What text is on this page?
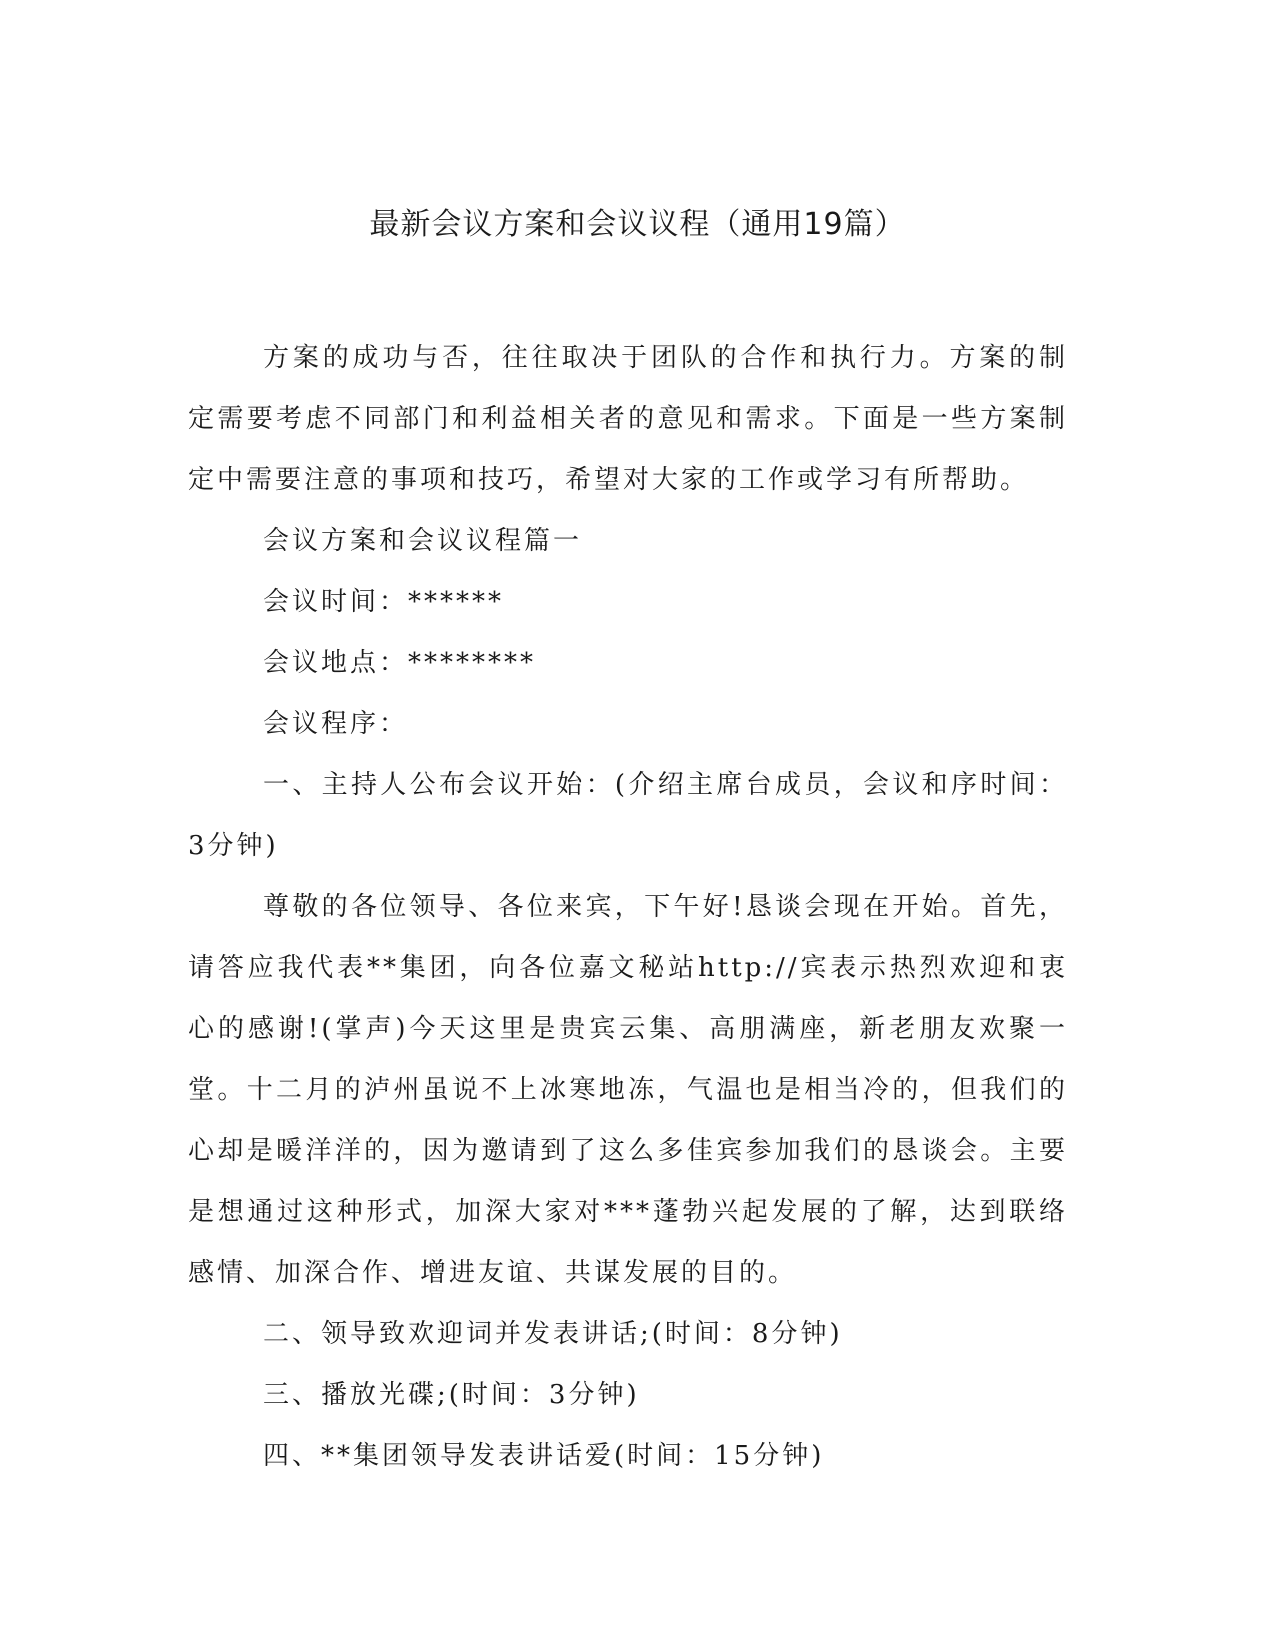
最新会议方案和会议议程（通用19篇）

方案的成功与否，往往取决于团队的合作和执行力。方案的制定需要考虑不同部门和利益相关者的意见和需求。下面是一些方案制定中需要注意的事项和技巧，希望对大家的工作或学习有所帮助。

会议方案和会议议程篇一

会议时间：******

会议地点：********

会议程序：

一、主持人公布会议开始：(介绍主席台成员，会议和序时间：3分钟)

尊敬的各位领导、各位来宾，下午好!恳谈会现在开始。首先，请答应我代表**集团，向各位嘉文秘站http://宾表示热烈欢迎和衷心的感谢!(掌声)今天这里是贵宾云集、高朋满座，新老朋友欢聚一堂。十二月的泸州虽说不上冰寒地冻，气温也是相当冷的，但我们的心却是暖洋洋的，因为邀请到了这么多佳宾参加我们的恳谈会。主要是想通过这种形式，加深大家对***蓬勃兴起发展的了解，达到联络感情、加深合作、增进友谊、共谋发展的目的。

二、领导致欢迎词并发表讲话;(时间：8分钟)

三、播放光碟;(时间：3分钟)

四、**集团领导发表讲话爱(时间：15分钟)
